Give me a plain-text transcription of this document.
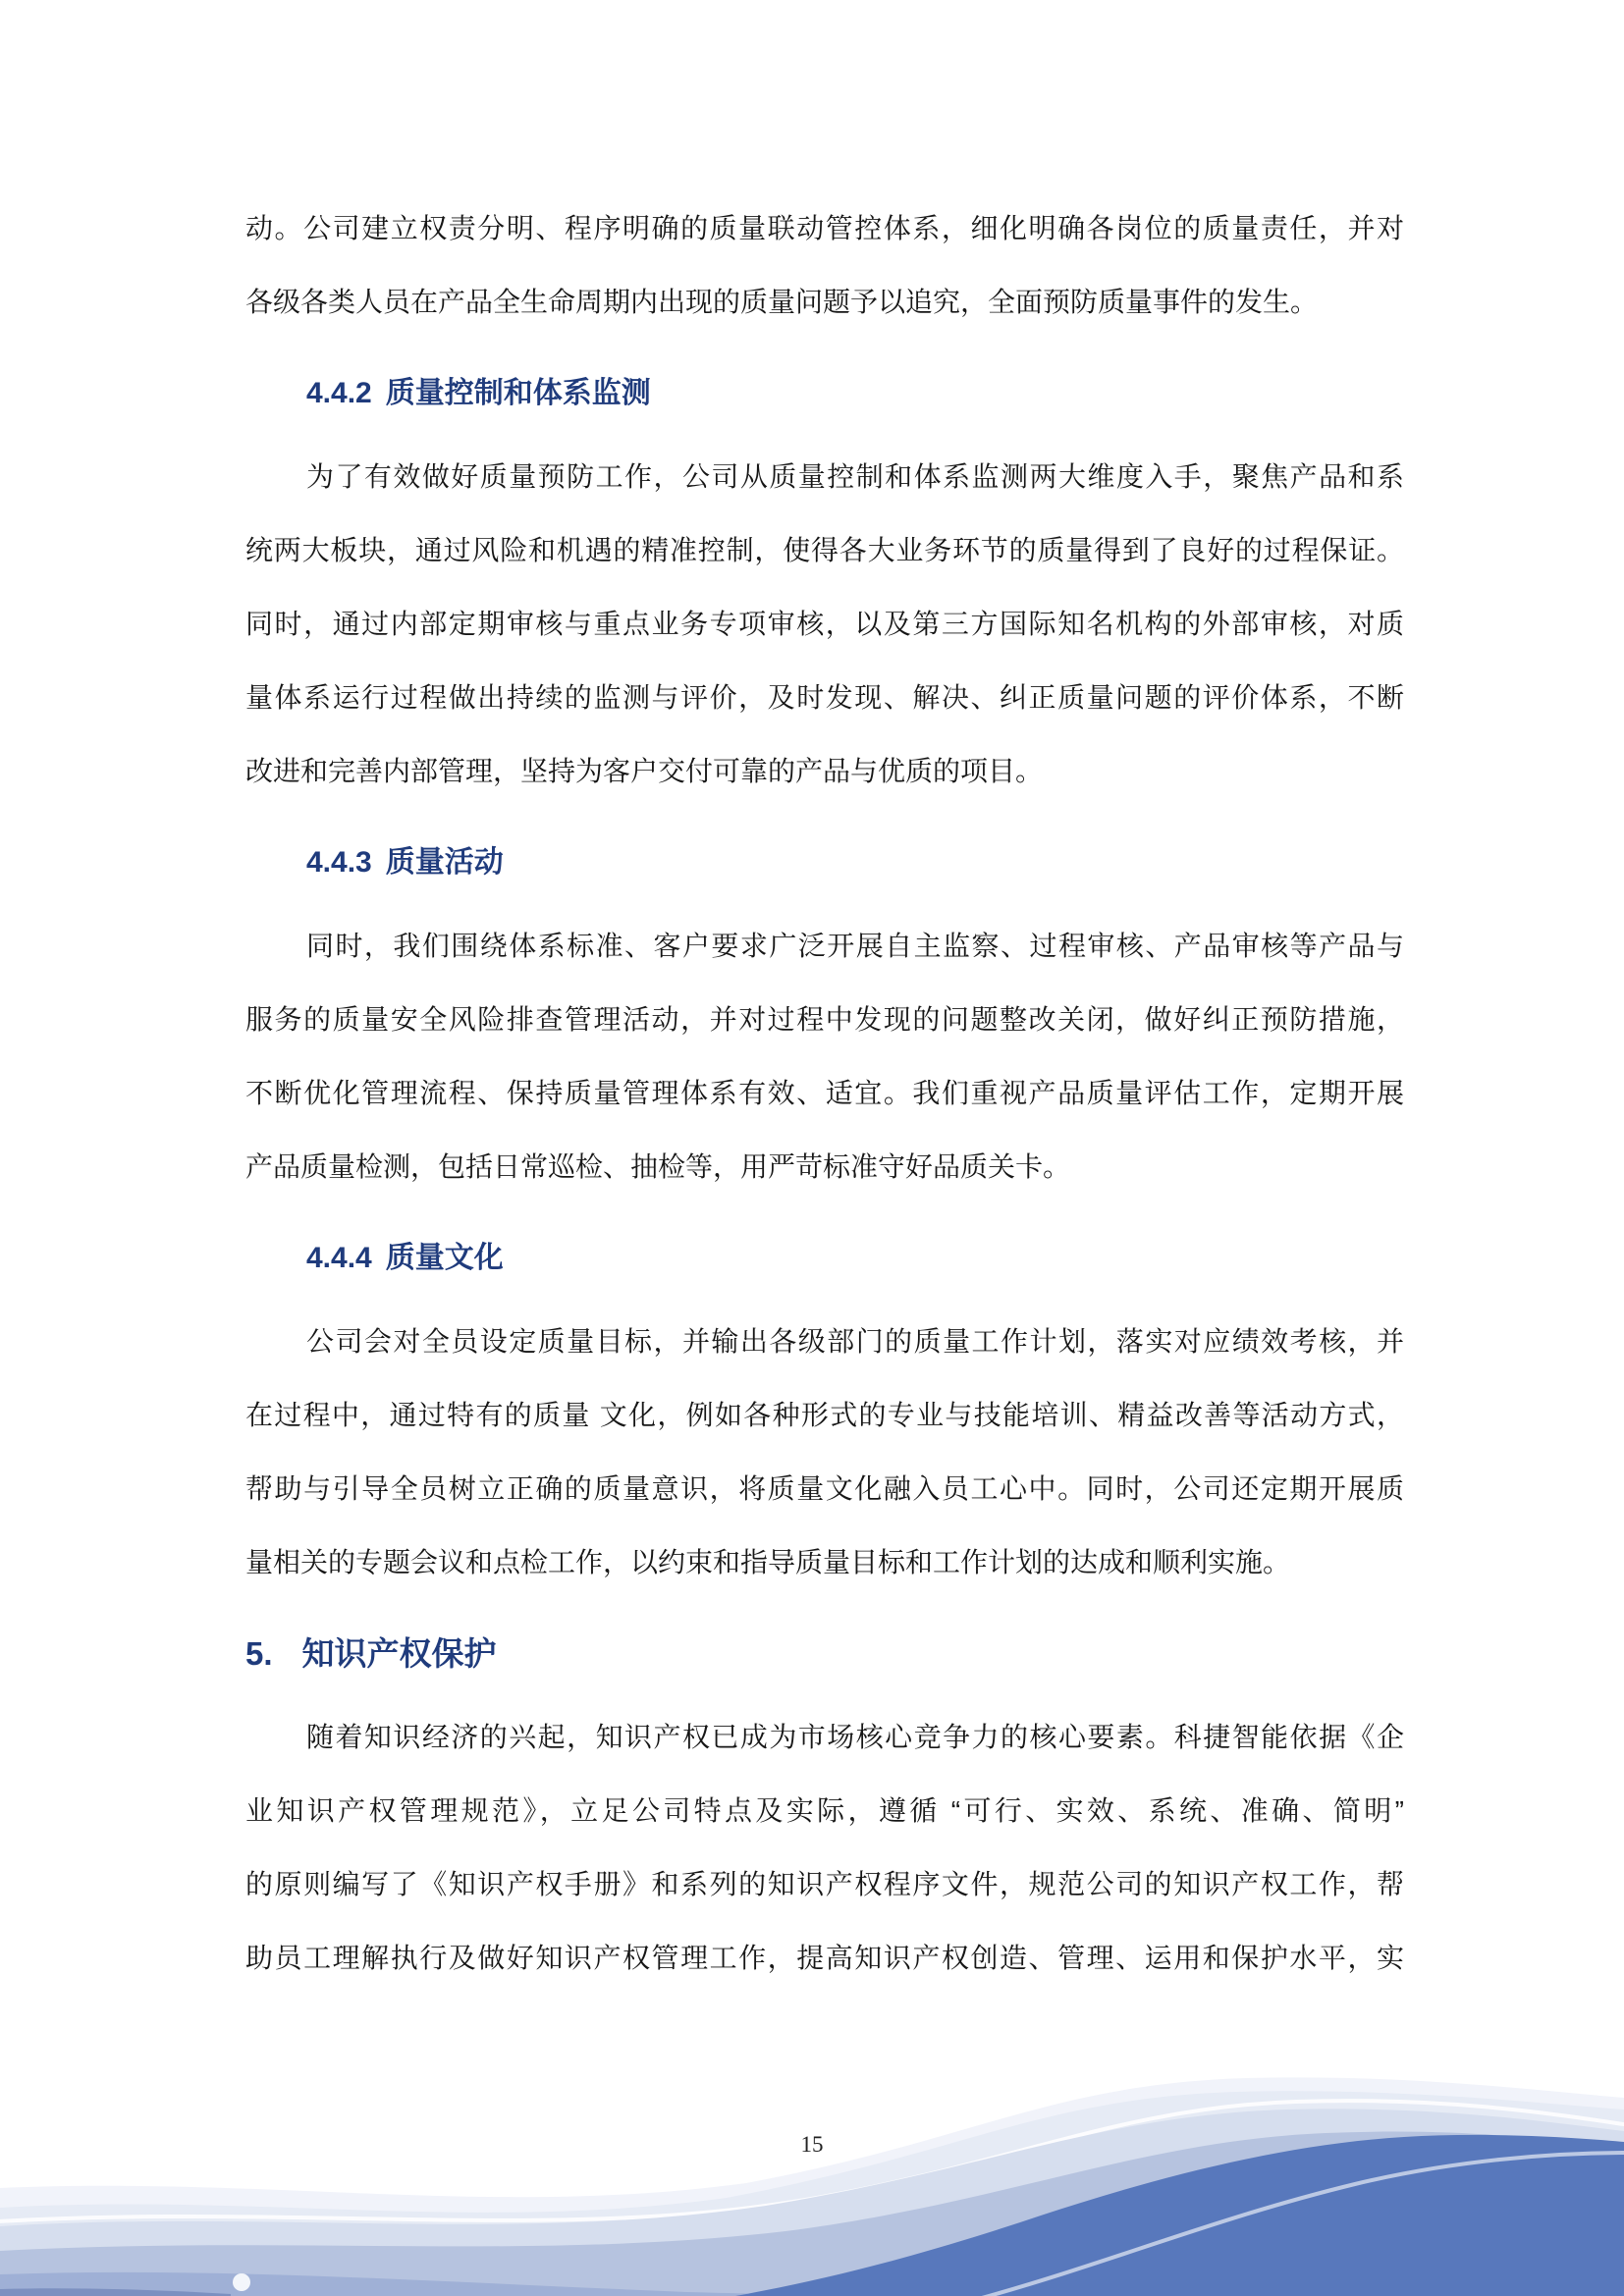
动。公司建立权责分明、程序明确的质量联动管控体系，细化明确各岗位的质量责任，并对
各级各类人员在产品全生命周期内出现的质量问题予以追究，全面预防质量事件的发生。
4.4.2 质量控制和体系监测
为了有效做好质量预防工作，公司从质量控制和体系监测两大维度入手，聚焦产品和系
统两大板块，通过风险和机遇的精准控制，使得各大业务环节的质量得到了良好的过程保证。
同时，通过内部定期审核与重点业务专项审核，以及第三方国际知名机构的外部审核，对质
量体系运行过程做出持续的监测与评价，及时发现、解决、纠正质量问题的评价体系，不断
改进和完善内部管理，坚持为客户交付可靠的产品与优质的项目。
4.4.3 质量活动
同时，我们围绕体系标准、客户要求广泛开展自主监察、过程审核、产品审核等产品与
服务的质量安全风险排查管理活动，并对过程中发现的问题整改关闭，做好纠正预防措施，
不断优化管理流程、保持质量管理体系有效、适宜。我们重视产品质量评估工作，定期开展
产品质量检测，包括日常巡检、抽检等，用严苛标准守好品质关卡。
4.4.4 质量文化
公司会对全员设定质量目标，并输出各级部门的质量工作计划，落实对应绩效考核，并
在过程中，通过特有的质量 文化，例如各种形式的专业与技能培训、精益改善等活动方式，
帮助与引导全员树立正确的质量意识，将质量文化融入员工心中。同时，公司还定期开展质
量相关的专题会议和点检工作，以约束和指导质量目标和工作计划的达成和顺利实施。
5. 知识产权保护
随着知识经济的兴起，知识产权已成为市场核心竞争力的核心要素。科捷智能依据《企
业知识产权管理规范》，立足公司特点及实际，遵循 “可行、实效、系统、准确、简明”
的原则编写了《知识产权手册》和系列的知识产权程序文件，规范公司的知识产权工作，帮
助员工理解执行及做好知识产权管理工作，提高知识产权创造、管理、运用和保护水平，实
15
